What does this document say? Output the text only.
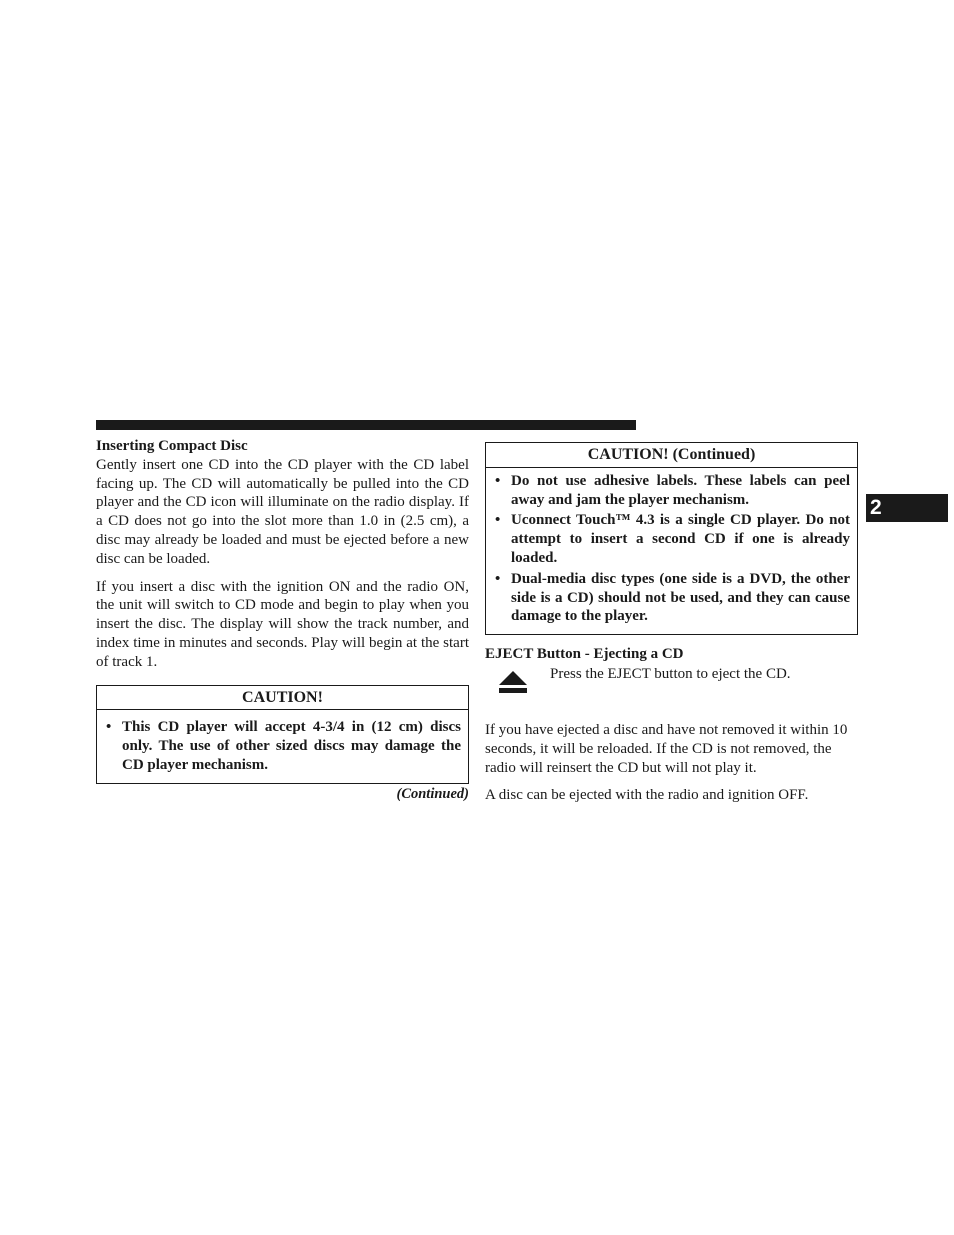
2

Inserting Compact Disc

Gently insert one CD into the CD player with the CD label facing up. The CD will automatically be pulled into the CD player and the CD icon will illuminate on the radio display. If a CD does not go into the slot more than 1.0 in (2.5 cm), a disc may already be loaded and must be ejected before a new disc can be loaded.

If you insert a disc with the ignition ON and the radio ON, the unit will switch to CD mode and begin to play when you insert the disc. The display will show the track number, and index time in minutes and seconds. Play will begin at the start of track 1.

CAUTION!
• This CD player will accept 4-3/4 in (12 cm) discs only. The use of other sized discs may damage the CD player mechanism.
(Continued)
CAUTION! (Continued)
• Do not use adhesive labels. These labels can peel away and jam the player mechanism.
• Uconnect Touch™ 4.3 is a single CD player. Do not attempt to insert a second CD if one is already loaded.
• Dual-media disc types (one side is a DVD, the other side is a CD) should not be used, and they can cause damage to the player.

EJECT Button - Ejecting a CD

Press the EJECT button to eject the CD.

If you have ejected a disc and have not removed it within 10 seconds, it will be reloaded. If the CD is not removed, the radio will reinsert the CD but will not play it.

A disc can be ejected with the radio and ignition OFF.
